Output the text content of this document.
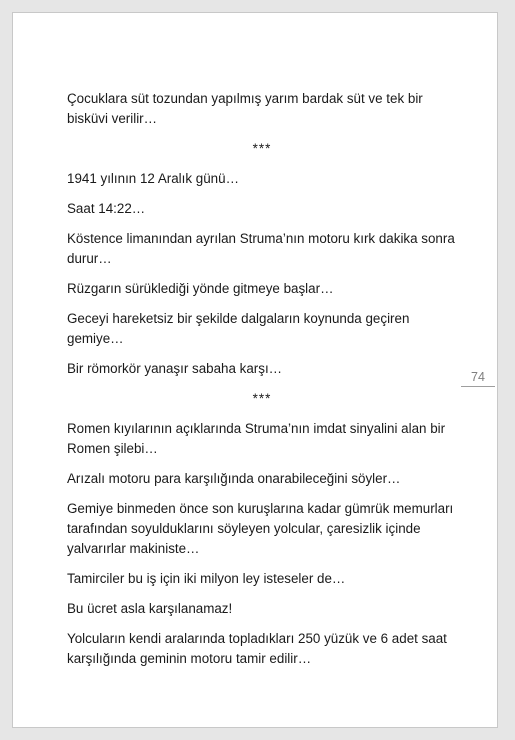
Çocuklara süt tozundan yapılmış yarım bardak süt ve tek bir bisküvi verilir…

***

1941 yılının 12 Aralık günü…

Saat 14:22…

Köstence limanından ayrılan Struma’nın motoru kırk dakika sonra durur…

Rüzgarın sürüklediği yönde gitmeye başlar…

Geceyi hareketsiz bir şekilde dalgaların koynunda geçiren gemiye…

Bir römorkör yanaşır sabaha karşı…

***

Romen kıyılarının açıklarında Struma’nın imdat sinyalini alan bir Romen şilebi…

Arızalı motoru para karşılığında onarabileceğini söyler…

Gemiye binmeden önce son kuruşlarına kadar gümrük memurları tarafından soyulduklarını söyleyen yolcular, çaresizlik içinde yalvarırlar makiniste…

Tamirciler bu iş için iki milyon ley isteseler de…

Bu ücret asla karşılanamaz!

Yolcuların kendi aralarında topladıkları 250 yüzük ve 6 adet saat karşılığında geminin motoru tamir edilir…

74
